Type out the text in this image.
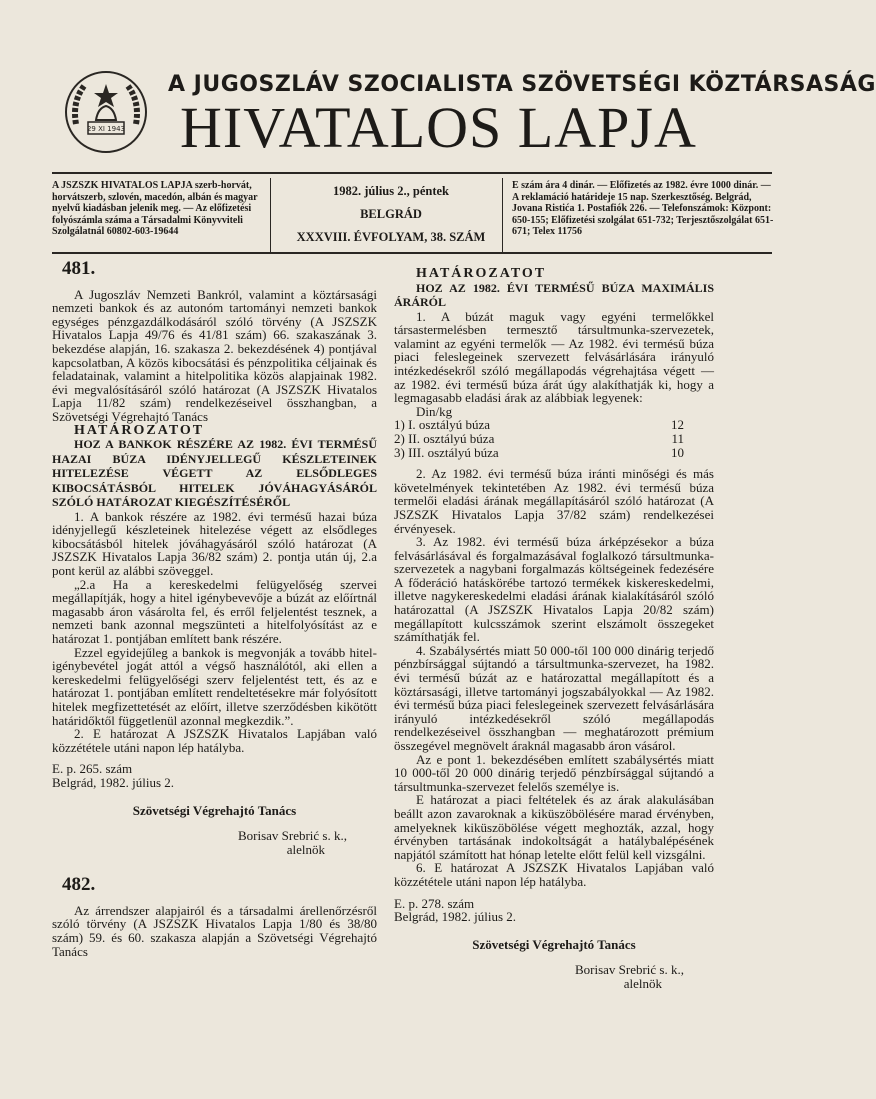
29 XI 1943
A JUGOSZLÁV SZOCIALISTA SZÖVETSÉGI KÖZTÁRSASÁG
HIVATALOS LAPJA
A JSZSZK HIVATALOS LAPJA szerb-horvát, horvátszerb, szlovén, macedón, albán és magyar nyelvű kiadásban jelenik meg. — Az előfizetési folyószámla száma a Társadalmi Könyvviteli Szolgálatnál 60802-603-19644
1982. július 2., péntek
BELGRÁD
XXXVIII. ÉVFOLYAM, 38. SZÁM
E szám ára 4 dinár. — Előfizetés az 1982. évre 1000 dinár. — A reklamáció határideje 15 nap. Szerkesztőség. Belgrád, Jovana Ristića 1. Postafiók 226. — Telefonszámok: Központ: 650-155; Előfizetési szolgálat 651-732; Terjesztőszolgálat 651-671; Telex 11756

481.

A Jugoszláv Nemzeti Bankról, valamint a köztársasági nemzeti bankok és az autonóm tartományi nemzeti bankok egységes pénzgazdálkodásáról szóló törvény (A JSZSZK Hivatalos Lapja 49/76 és 41/81 szám) 66. szakaszának 3. bekezdése alapján, 16. szakasza 2. bekezdésének 4) pontjával kapcsolatban, A közös kibocsátási és pénzpolitika céljainak és feladatainak, valamint a hitelpolitika közös alapjainak 1982. évi megvalósításáról szóló határozat (A JSZSZK Hivatalos Lapja 11/82 szám) rendelkezéseivel összhangban, a Szövetségi Végrehajtó Tanács

HATÁROZATOT

HOZ A BANKOK RÉSZÉRE AZ 1982. ÉVI TERMÉSŰ HAZAI BÚZA IDÉNYJELLEGŰ KÉSZLETEINEK HITELEZÉSE VÉGETT AZ ELSŐDLEGES KIBOCSÁTÁSBÓL HITELEK JÓVÁHAGYÁSÁRÓL SZÓLÓ HATÁROZAT KIEGÉSZÍTÉSÉRŐL

1. A bankok részére az 1982. évi termésű hazai búza idényjellegű készleteinek hitelezése végett az elsődleges kibocsátásból hitelek jóváhagyásáról szóló határozat (A JSZSZK Hivatalos Lapja 36/82 szám) 2. pontja után új, 2.a pont kerül az alábbi szöveggel.

„2.a Ha a kereskedelmi felügyelőség szervei megállapítják, hogy a hitel igénybevevője a búzát az előírtnál magasabb áron vásárolta fel, és erről feljelentést tesznek, a nemzeti bank azonnal megszünteti a hitelfolyósítást az e határozat 1. pontjában említett bank részére.

Ezzel egyidejűleg a bankok is megvonják a tovább hitel-igénybevétel jogát attól a végső használótól, aki ellen a kereskedelmi felügyelőségi szerv feljelentést tett, és az e határozat 1. pontjában említett rendeltetésekre már folyósított hitelek megfizettetését az előírt, illetve szerződésben kikötött határidőktől függetlenül azonnal megkezdik.”.

2. E határozat A JSZSZK Hivatalos Lapjában való közzététele utáni napon lép hatályba.

E. p. 265. szám

Belgrád, 1982. július 2.

Szövetségi Végrehajtó Tanács

Borisav Srebrić s. k.,

alelnök

482.

Az árrendszer alapjairól és a társadalmi árellenőrzésről szóló törvény (A JSZSZK Hivatalos Lapja 1/80 és 38/80 szám) 59. és 60. szakasza alapján a Szövetségi Végrehajtó Tanács

HATÁROZATOT

HOZ AZ 1982. ÉVI TERMÉSŰ BÚZA MAXIMÁLIS ÁRÁRÓL

1. A búzát maguk vagy egyéni termelőkkel társastermelésben termesztő társultmunka-szervezetek, valamint az egyéni termelők — Az 1982. évi termésű búza piaci feleslegeinek szervezett felvásárlására irányuló intézkedésekről szóló megállapodás végrehajtása végett — az 1982. évi termésű búza árát úgy alakíthatják ki, hogy a legmagasabb eladási árak az alábbiak legyenek:

Din/kg

1) I. osztályú búza	12
2) II. osztályú búza	11
3) III. osztályú búza	10

2. Az 1982. évi termésű búza iránti minőségi és más követelmények tekintetében Az 1982. évi termésű búza termelői eladási árának megállapításáról szóló határozat (A JSZSZK Hivatalos Lapja 37/82 szám) rendelkezései érvényesek.

3. Az 1982. évi termésű búza árképzésekor a búza felvásárlásával és forgalmazásával foglalkozó társultmunka-szervezetek a nagybani forgalmazás költségeinek fedezésére A főderáció hatáskörébe tartozó termékek kiskereskedelmi, illetve nagykereskedelmi eladási árának kialakításáról szóló határozattal (A JSZSZK Hivatalos Lapja 20/82 szám) megállapított kulcsszámok szerint elszámolt összegeket számíthatják fel.

4. Szabálysértés miatt 50 000-től 100 000 dinárig terjedő pénzbírsággal sújtandó a társultmunka-szervezet, ha 1982. évi termésű búzát az e határozattal megállapított és a köztársasági, illetve tartományi jogszabályokkal — Az 1982. évi termésű búza piaci feleslegeinek szervezett felvásárlására irányuló intézkedésekről szóló megállapodás rendelkezéseivel összhangban — meghatározott prémium összegével megnövelt áraknál magasabb áron vásárol.

Az e pont 1. bekezdésében említett szabálysértés miatt 10 000-től 20 000 dinárig terjedő pénzbírsággal sújtandó a társultmunka-szervezet felelős személye is.

E határozat a piaci feltételek és az árak alakulásában beállt azon zavaroknak a kiküszöbölésére marad érvényben, amelyeknek kiküszöbölése végett meghozták, azzal, hogy érvényben tartásának indokoltságát a hatálybalépésének napjától számított hat hónap letelte előtt felül kell vizsgálni.

6. E határozat A JSZSZK Hivatalos Lapjában való közzététele utáni napon lép hatályba.

E. p. 278. szám

Belgrád, 1982. július 2.

Szövetségi Végrehajtó Tanács

Borisav Srebrić s. k.,

alelnök
